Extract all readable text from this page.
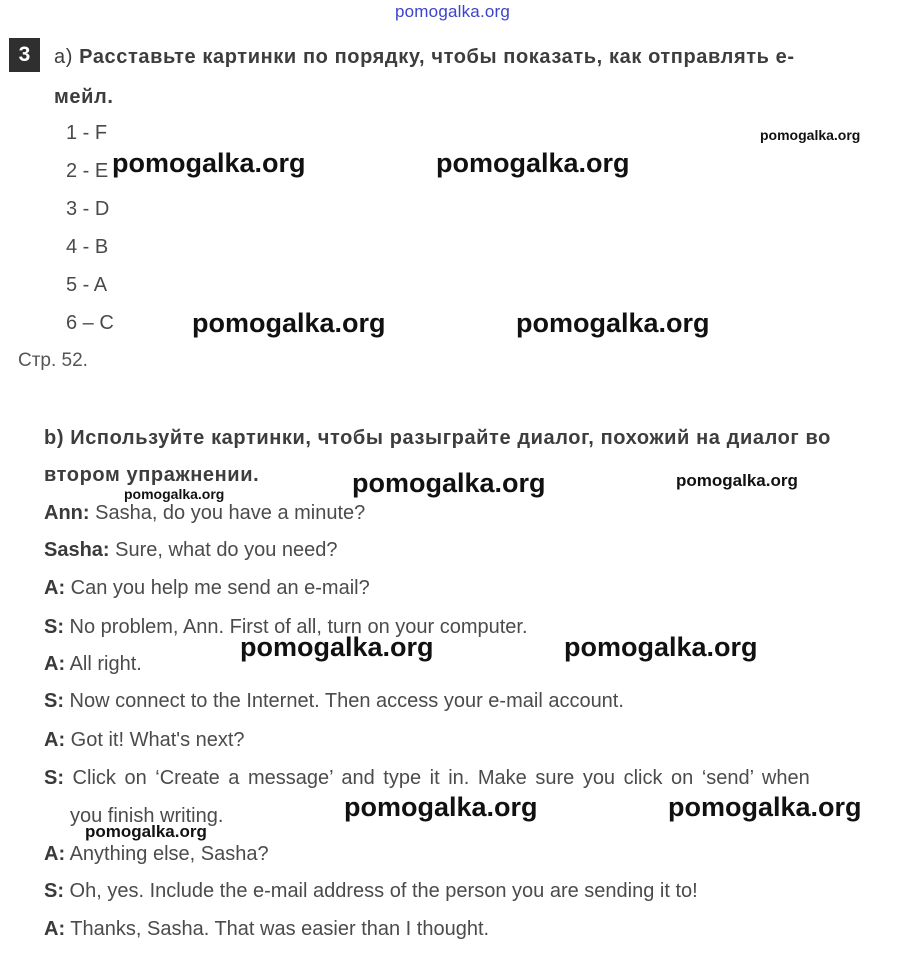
pomogalka.org
3	a) Расставьте картинки по порядку, чтобы показать, как отправлять е-
мейл.
1 - F
2 - E
3 - D
4 - B
5 - A
6 – C
Стр. 52.
b) Используйте картинки, чтобы разыграйте диалог, похожий на диалог во
втором упражнении.
Ann: Sasha, do you have a minute?
Sasha: Sure, what do you need?
A: Can you help me send an e-mail?
S: No problem, Ann. First of all, turn on your computer.
A: All right.
S: Now connect to the Internet. Then access your e-mail account.
A: Got it! What's next?
S: Click on ‘Create a message’ and type it in. Make sure you click on ‘send’ when
you finish writing.
A: Anything else, Sasha?
S: Oh, yes. Include the e-mail address of the person you are sending it to!
A: Thanks, Sasha. That was easier than I thought.
pomogalka.org
pomogalka.org	pomogalka.org
pomogalka.org	pomogalka.org
pomogalka.org	pomogalka.org
pomogalka.org
pomogalka.org	pomogalka.org
pomogalka.org	pomogalka.org
pomogalka.org
